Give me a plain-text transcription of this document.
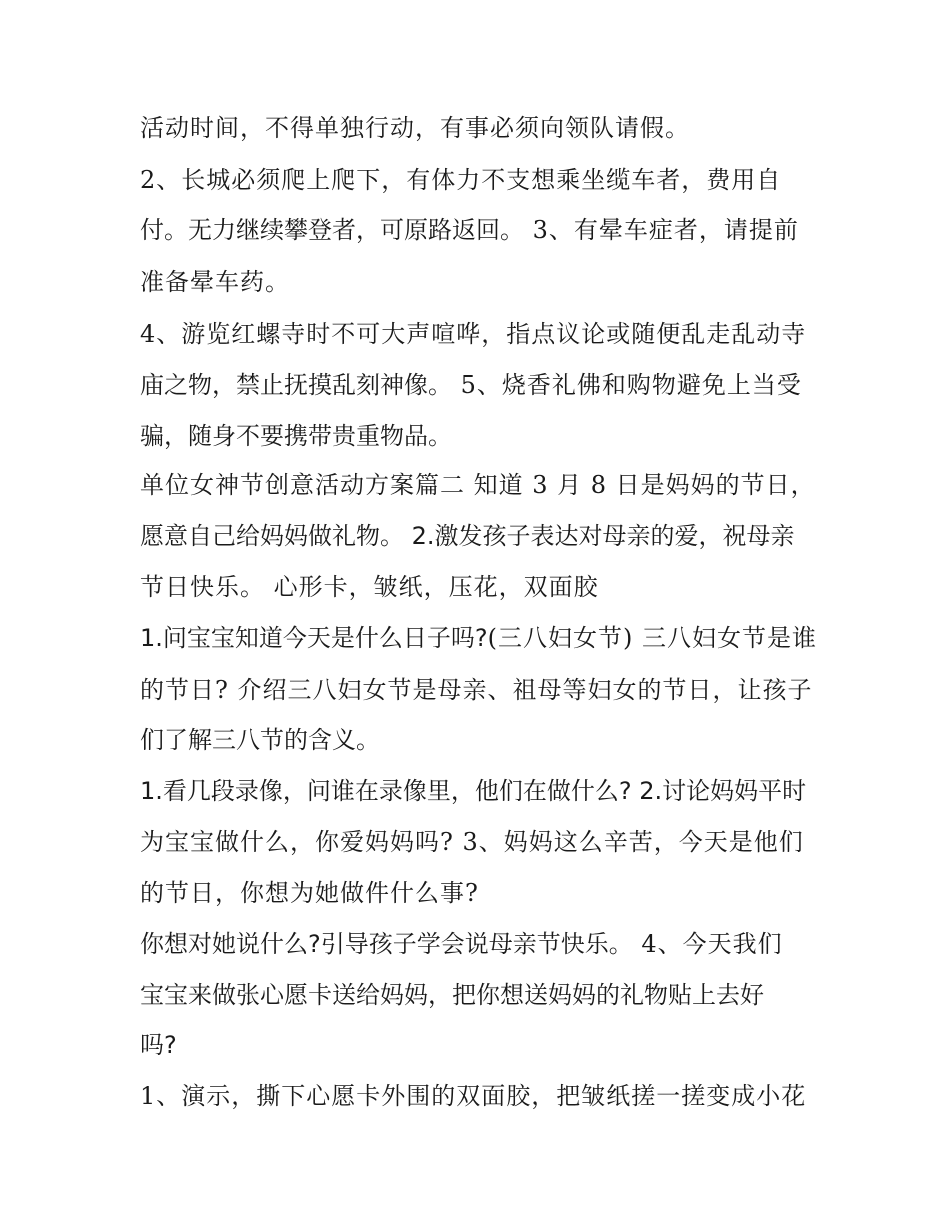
活动时间，不得单独行动，有事必须向领队请假。
2、长城必须爬上爬下，有体力不支想乘坐缆车者，费用自
付。无力继续攀登者，可原路返回。 3、有晕车症者，请提前
准备晕车药。
4、游览红螺寺时不可大声喧哗，指点议论或随便乱走乱动寺
庙之物，禁止抚摸乱刻神像。 5、烧香礼佛和购物避免上当受
骗，随身不要携带贵重物品。
单位女神节创意活动方案篇二 知道 3 月 8 日是妈妈的节日，
愿意自己给妈妈做礼物。 2.激发孩子表达对母亲的爱，祝母亲
节日快乐。 心形卡，皱纸，压花，双面胶
1.问宝宝知道今天是什么日子吗?(三八妇女节) 三八妇女节是谁
的节日? 介绍三八妇女节是母亲、祖母等妇女的节日，让孩子
们了解三八节的含义。
1.看几段录像，问谁在录像里，他们在做什么? 2.讨论妈妈平时
为宝宝做什么，你爱妈妈吗? 3、妈妈这么辛苦，今天是他们
的节日，你想为她做件什么事?
你想对她说什么?引导孩子学会说母亲节快乐。 4、今天我们
宝宝来做张心愿卡送给妈妈，把你想送妈妈的礼物贴上去好
吗?
1、演示，撕下心愿卡外围的双面胶，把皱纸搓一搓变成小花
